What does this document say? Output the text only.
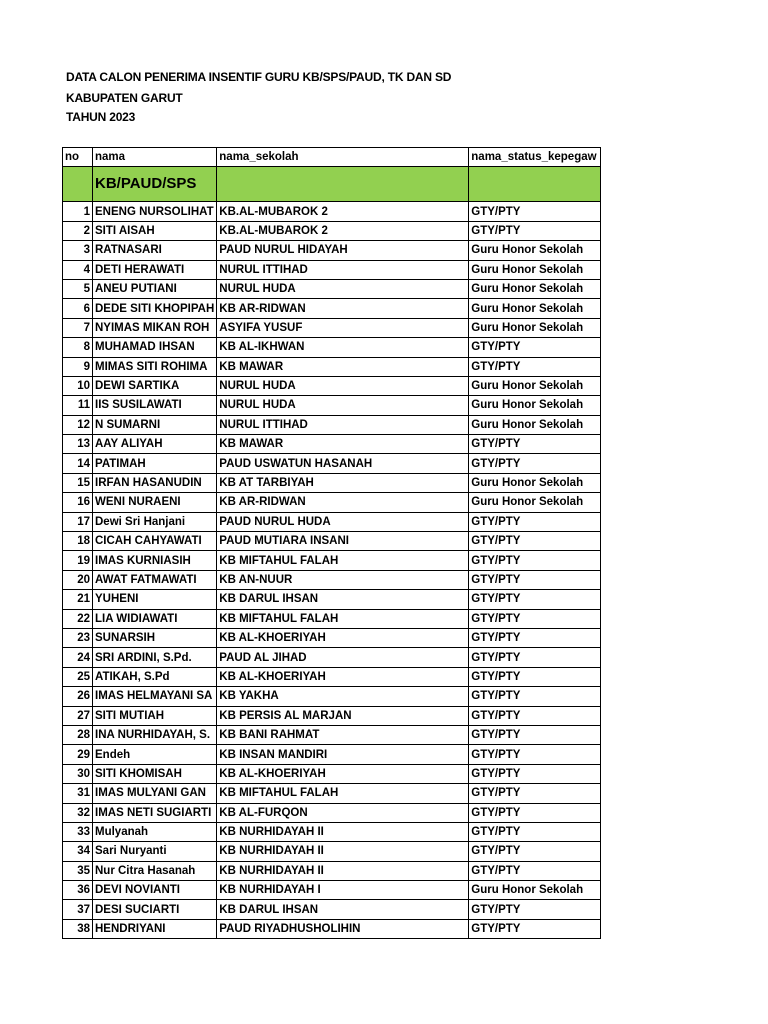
DATA CALON PENERIMA INSENTIF GURU KB/SPS/PAUD, TK DAN SD
KABUPATEN GARUT
TAHUN 2023
no	nama	nama_sekolah	nama_status_kepegaw
	KB/PAUD/SPS		
1	ENENG NURSOLIHAT	KB.AL-MUBAROK 2	GTY/PTY
2	SITI AISAH	KB.AL-MUBAROK 2	GTY/PTY
3	RATNASARI	PAUD NURUL HIDAYAH	Guru Honor Sekolah
4	DETI HERAWATI	NURUL ITTIHAD	Guru Honor Sekolah
5	ANEU PUTIANI	NURUL HUDA	Guru Honor Sekolah
6	DEDE SITI KHOPIPAH	KB AR-RIDWAN	Guru Honor Sekolah
7	NYIMAS MIKAN ROH	ASYIFA YUSUF	Guru Honor Sekolah
8	MUHAMAD IHSAN	KB AL-IKHWAN	GTY/PTY
9	MIMAS SITI ROHIMA	KB MAWAR	GTY/PTY
10	DEWI SARTIKA	NURUL HUDA	Guru Honor Sekolah
11	IIS SUSILAWATI	NURUL HUDA	Guru Honor Sekolah
12	N SUMARNI	NURUL ITTIHAD	Guru Honor Sekolah
13	AAY ALIYAH	KB MAWAR	GTY/PTY
14	PATIMAH	PAUD USWATUN HASANAH	GTY/PTY
15	IRFAN HASANUDIN	KB AT TARBIYAH	Guru Honor Sekolah
16	WENI NURAENI	KB AR-RIDWAN	Guru Honor Sekolah
17	Dewi Sri Hanjani	PAUD NURUL HUDA	GTY/PTY
18	CICAH CAHYAWATI	PAUD MUTIARA INSANI	GTY/PTY
19	IMAS KURNIASIH	KB MIFTAHUL FALAH	GTY/PTY
20	AWAT FATMAWATI	KB AN-NUUR	GTY/PTY
21	YUHENI	KB DARUL IHSAN	GTY/PTY
22	LIA WIDIAWATI	KB MIFTAHUL FALAH	GTY/PTY
23	SUNARSIH	KB AL-KHOERIYAH	GTY/PTY
24	SRI ARDINI, S.Pd.	PAUD AL JIHAD	GTY/PTY
25	ATIKAH, S.Pd	KB AL-KHOERIYAH	GTY/PTY
26	IMAS HELMAYANI SA	KB YAKHA	GTY/PTY
27	SITI MUTIAH	KB PERSIS AL MARJAN	GTY/PTY
28	INA NURHIDAYAH, S.	KB BANI RAHMAT	GTY/PTY
29	Endeh	KB INSAN MANDIRI	GTY/PTY
30	SITI KHOMISAH	KB AL-KHOERIYAH	GTY/PTY
31	IMAS MULYANI GAN	KB MIFTAHUL FALAH	GTY/PTY
32	IMAS NETI SUGIARTI	KB AL-FURQON	GTY/PTY
33	Mulyanah	KB NURHIDAYAH II	GTY/PTY
34	Sari Nuryanti	KB NURHIDAYAH II	GTY/PTY
35	Nur Citra Hasanah	KB NURHIDAYAH II	GTY/PTY
36	DEVI NOVIANTI	KB NURHIDAYAH I	Guru Honor Sekolah
37	DESI SUCIARTI	KB DARUL IHSAN	GTY/PTY
38	HENDRIYANI	PAUD RIYADHUSHOLIHIN	GTY/PTY
